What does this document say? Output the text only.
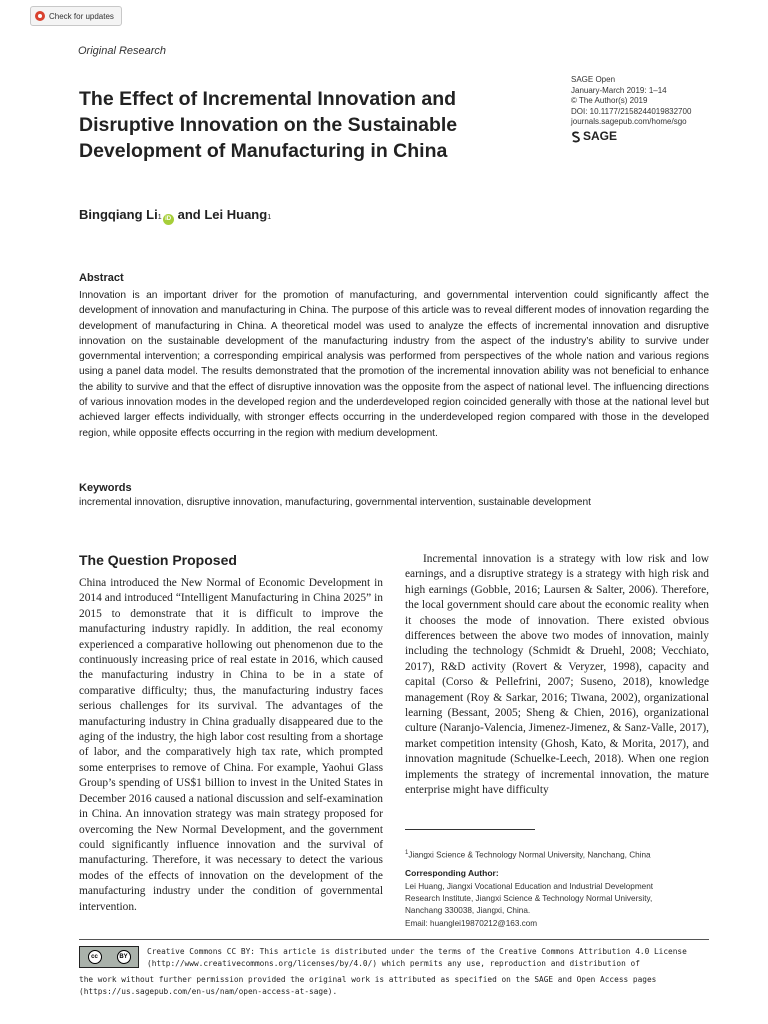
Check for updates
Original Research
The Effect of Incremental Innovation and Disruptive Innovation on the Sustainable Development of Manufacturing in China
SAGE Open
January-March 2019: 1–14
© The Author(s) 2019
DOI: 10.1177/2158244019832700
journals.sagepub.com/home/sgo
SAGE
Bingqiang $Li_1$ iD and Lei Huang$_1$
Abstract

Innovation is an important driver for the promotion of manufacturing, and governmental intervention could significantly affect the development of innovation and manufacturing in China. The purpose of this article was to reveal different modes of innovation regarding the development of manufacturing in China. A theoretical model was used to analyze the effects of incremental innovation and disruptive innovation on the sustainable development of the manufacturing industry from the aspect of the industry’s ability to survive under governmental intervention; a corresponding empirical analysis was performed from perspectives of the whole nation and various regions using a panel data model. The results demonstrated that the promotion of the incremental innovation ability was not beneficial to enhance the ability to survive and that the effect of disruptive innovation was the opposite from the aspect of national level. The influencing directions of various innovation modes in the developed region and the underdeveloped region coincided generally with those at the national level but achieved larger effects individually, with stronger effects occurring in the underdeveloped region compared with those in the developed region, while opposite effects occurring in the region with medium development.

Keywords
incremental innovation, disruptive innovation, manufacturing, governmental intervention, sustainable development
The Question Proposed

China introduced the New Normal of Economic Development in 2014 and introduced “Intelligent Manufacturing in China 2025” in 2015 to demonstrate that it is difficult to improve the manufacturing industry rapidly. In addition, the real economy experienced a comparative hollowing out phenomenon due to the continuously increasing price of real estate in 2016, which caused the manufacturing industry in China to be in a state of comparative difficulty; thus, the manufacturing industry faces serious challenges for its survival. The advantages of the manufacturing industry in China gradually disappeared due to the aging of the industry, the high labor cost resulting from a shortage of labor, and the comparatively high tax rate, which prompted some enterprises to remove of China. For example, Yaohui Glass Group’s spending of US$1 billion to invest in the United States in December 2016 caused a national discussion and self-examination in China. An innovation strategy was main strategy proposed for overcoming the New Normal Development, and the government could significantly influence innovation and the survival of manufacturing. Therefore, it was necessary to detect the various modes of the effects of innovation on the development of the manufacturing industry under the condition of governmental intervention.

Incremental innovation is a strategy with low risk and low earnings, and a disruptive strategy is a strategy with high risk and high earnings (Gobble, 2016; Laursen & Salter, 2006). Therefore, the local government should care about the economic reality when it chooses the mode of innovation. There existed obvious differences between the above two modes of innovation, mainly including the technology (Schmidt & Druehl, 2008; Vecchiato, 2017), R&D activity (Rovert & Veryzer, 1998), capacity and capital (Corso & Pellefrini, 2007; Suseno, 2018), knowledge management (Roy & Sarkar, 2016; Tiwana, 2002), organizational learning (Bessant, 2005; Sheng & Chien, 2016), organizational culture (Naranjo-Valencia, Jimenez-Jimenez, & Sanz-Valle, 2017), market competition intensity (Ghosh, Kato, & Morita, 2017), and innovation magnitude (Schuelke-Leech, 2018). When one region implements the strategy of incremental innovation, the mature enterprise might have difficulty

$^1$Jiangxi Science & Technology Normal University, Nanchang, China
Corresponding Author:
Lei Huang, Jiangxi Vocational Education and Industrial Development
Research Institute, Jiangxi Science & Technology Normal University,
Nanchang 330038, Jiangxi, China.
Email: huanglei19870212@163.com
cc	BY
Creative Commons CC BY: This article is distributed under the terms of the Creative Commons Attribution 4.0 License
(http://www.creativecommons.org/licenses/by/4.0/) which permits any use, reproduction and distribution of
the work without further permission provided the original work is attributed as specified on the SAGE and Open Access pages
(https://us.sagepub.com/en-us/nam/open-access-at-sage).
